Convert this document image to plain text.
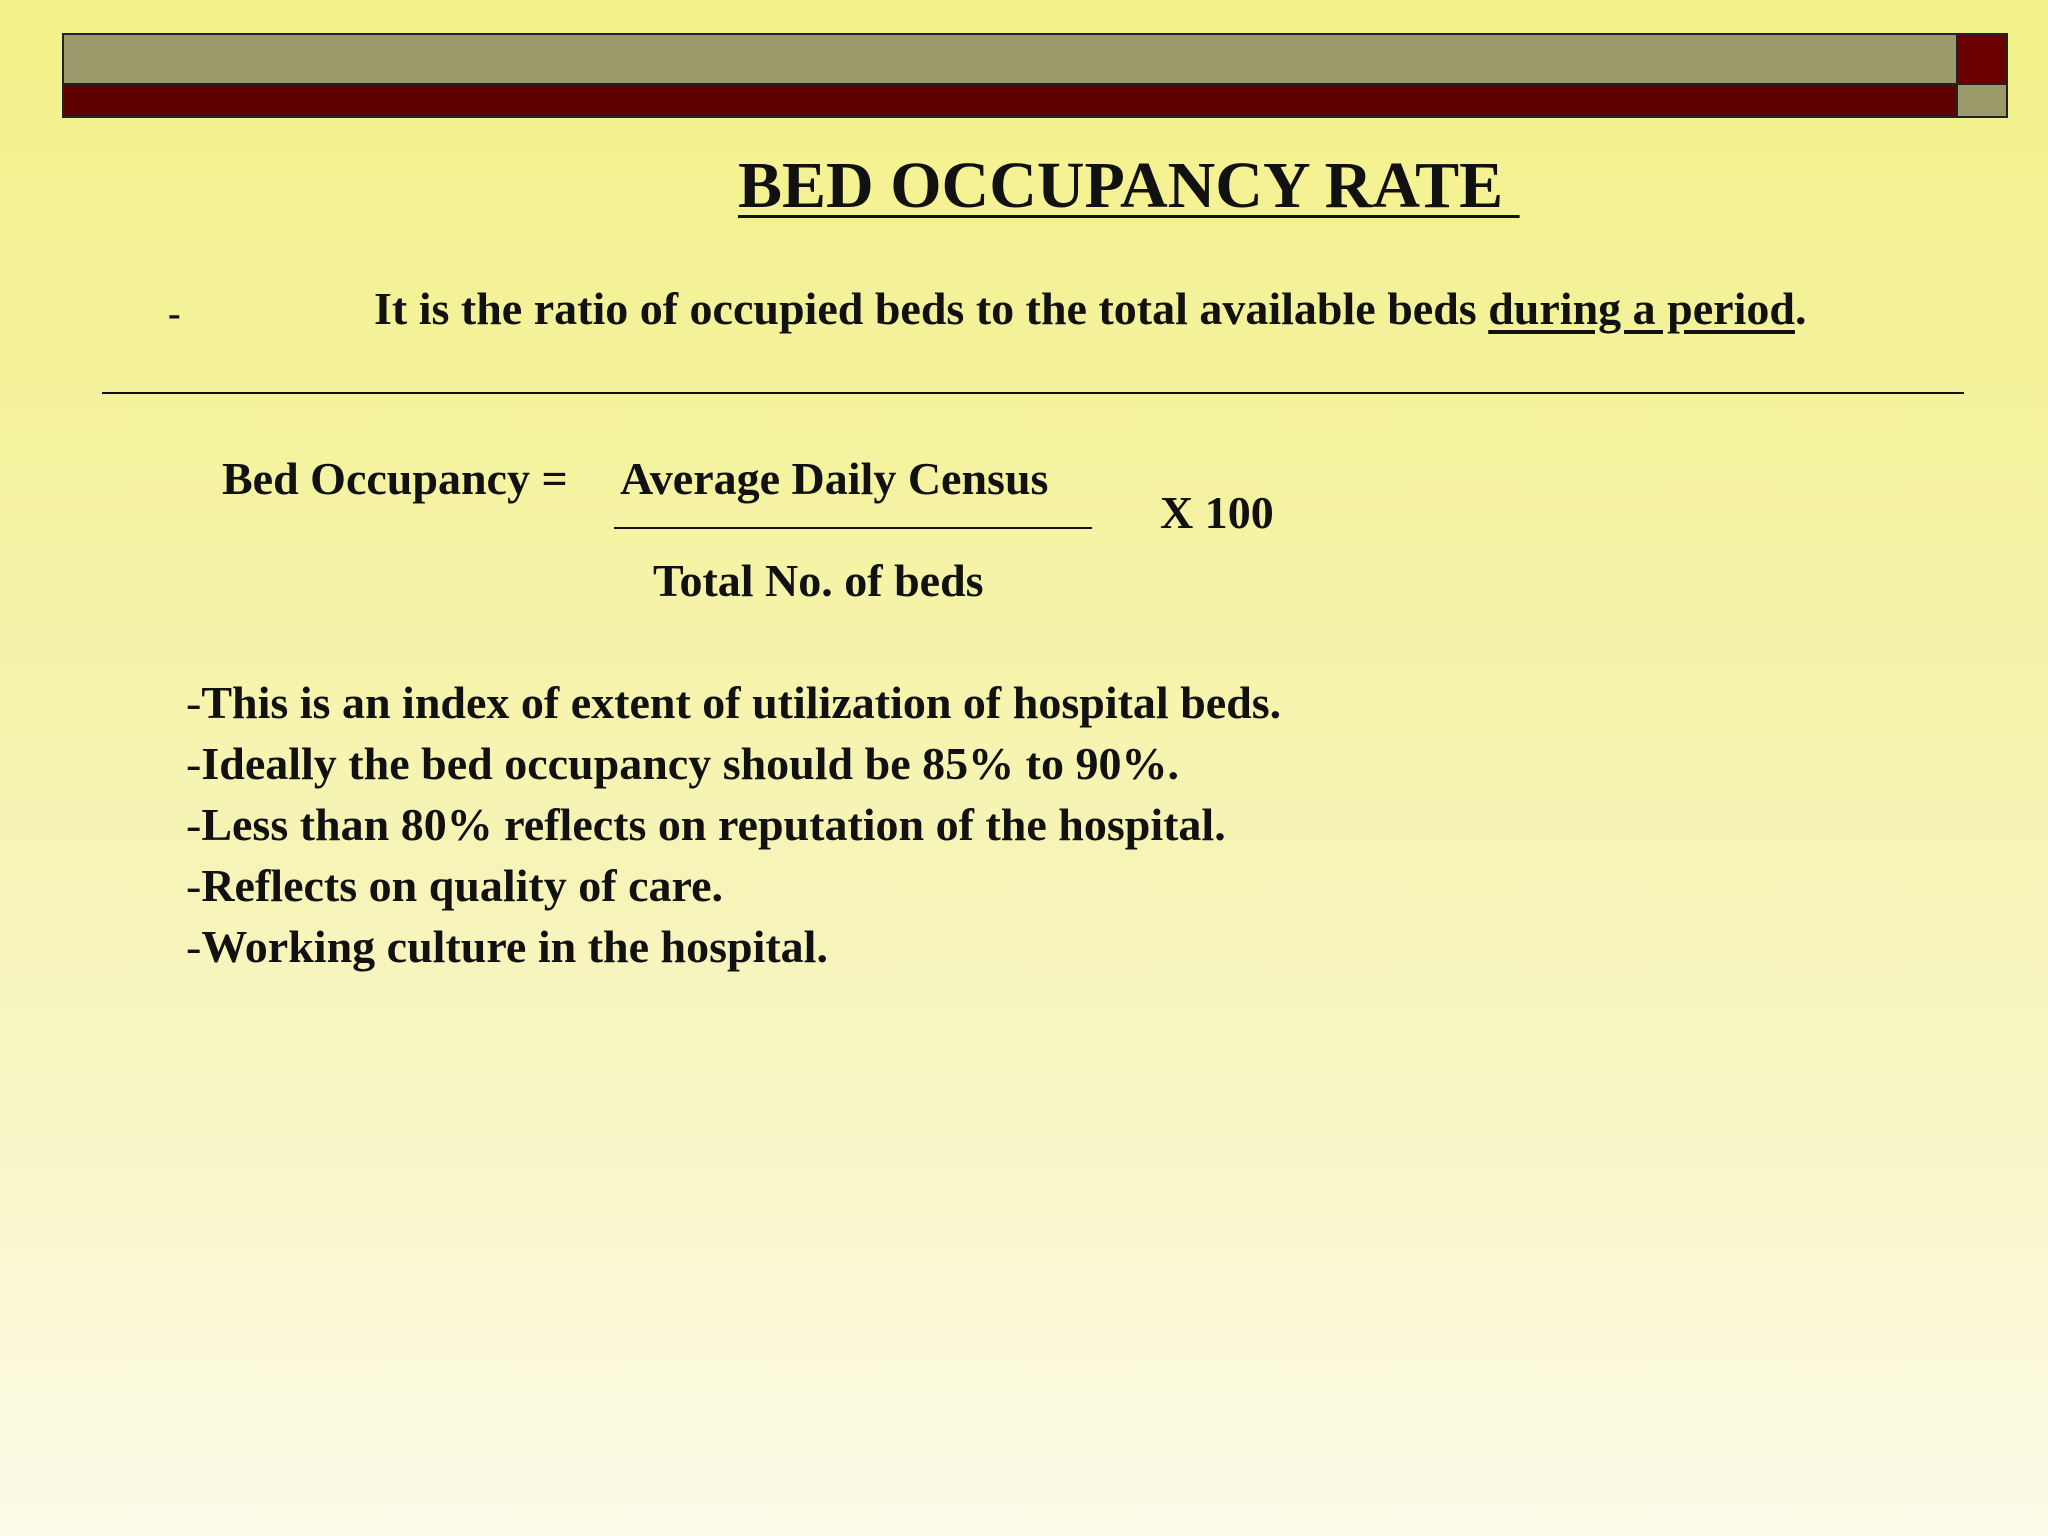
BED OCCUPANCY RATE
-	It is the ratio of occupied beds to the total available beds during a period.
Bed Occupancy = Average Daily Census
Total No. of beds
X 100
- This is an index of extent of utilization of hospital beds.
- Ideally the bed occupancy should be 85% to 90%.
- Less than 80% reflects on reputation of the hospital.
- Reflects on quality of care.
- Working culture in the hospital.
